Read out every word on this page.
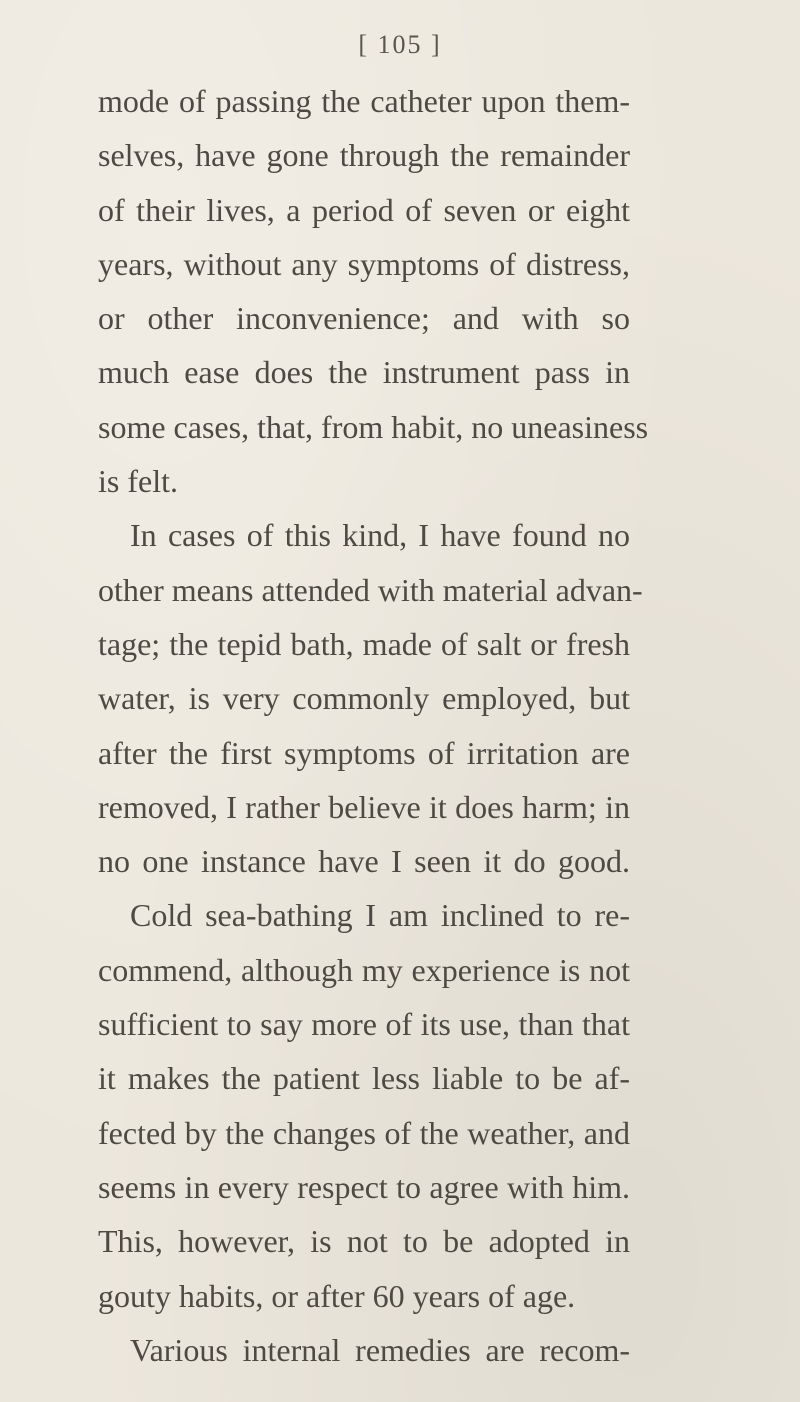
[ 105 ]
mode of passing the catheter upon them-
selves, have gone through the remainder
of their lives, a period of seven or eight
years, without any symptoms of distress,
or other inconvenience; and with so
much ease does the instrument pass in
some cases, that, from habit, no uneasiness
is felt.
In cases of this kind, I have found no
other means attended with material advan-
tage; the tepid bath, made of salt or fresh
water, is very commonly employed, but
after the first symptoms of irritation are
removed, I rather believe it does harm; in
no one instance have I seen it do good.
Cold sea-bathing I am inclined to re-
commend, although my experience is not
sufficient to say more of its use, than that
it makes the patient less liable to be af-
fected by the changes of the weather, and
seems in every respect to agree with him.
This, however, is not to be adopted in
gouty habits, or after 60 years of age.
Various internal remedies are recom-
